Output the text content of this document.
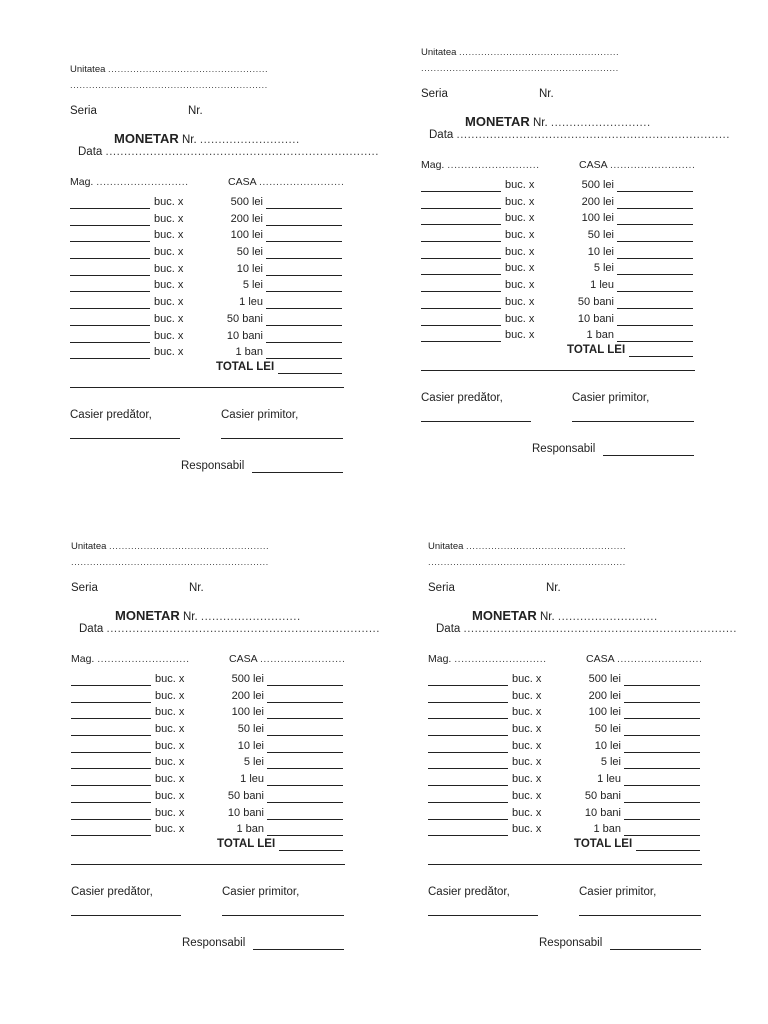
Unitatea ...................................................
...............................................................
Seria	Nr.
MONETAR Nr. ...........................
Data ..........................................................................
Mag. ...........................	CASA .........................
buc. x	500 lei
buc. x	200 lei
buc. x	100 lei
buc. x	50 lei
buc. x	10 lei
buc. x	5 lei
buc. x	1 leu
buc. x	50 bani
buc. x	10 bani
buc. x	1 ban
TOTAL LEI
Casier predător,	Casier primitor,
Responsabil
Unitatea ...................................................
...............................................................
Seria	Nr.
MONETAR Nr. ...........................
Data ..........................................................................
Mag. ...........................	CASA .........................
buc. x	500 lei
buc. x	200 lei
buc. x	100 lei
buc. x	50 lei
buc. x	10 lei
buc. x	5 lei
buc. x	1 leu
buc. x	50 bani
buc. x	10 bani
buc. x	1 ban
TOTAL LEI
Casier predător,	Casier primitor,
Responsabil
Unitatea ...................................................
...............................................................
Seria	Nr.
MONETAR Nr. ...........................
Data ..........................................................................
Mag. ...........................	CASA .........................
buc. x	500 lei
buc. x	200 lei
buc. x	100 lei
buc. x	50 lei
buc. x	10 lei
buc. x	5 lei
buc. x	1 leu
buc. x	50 bani
buc. x	10 bani
buc. x	1 ban
TOTAL LEI
Casier predător,	Casier primitor,
Responsabil
Unitatea ...................................................
...............................................................
Seria	Nr.
MONETAR Nr. ...........................
Data ..........................................................................
Mag. ...........................	CASA .........................
buc. x	500 lei
buc. x	200 lei
buc. x	100 lei
buc. x	50 lei
buc. x	10 lei
buc. x	5 lei
buc. x	1 leu
buc. x	50 bani
buc. x	10 bani
buc. x	1 ban
TOTAL LEI
Casier predător,	Casier primitor,
Responsabil
